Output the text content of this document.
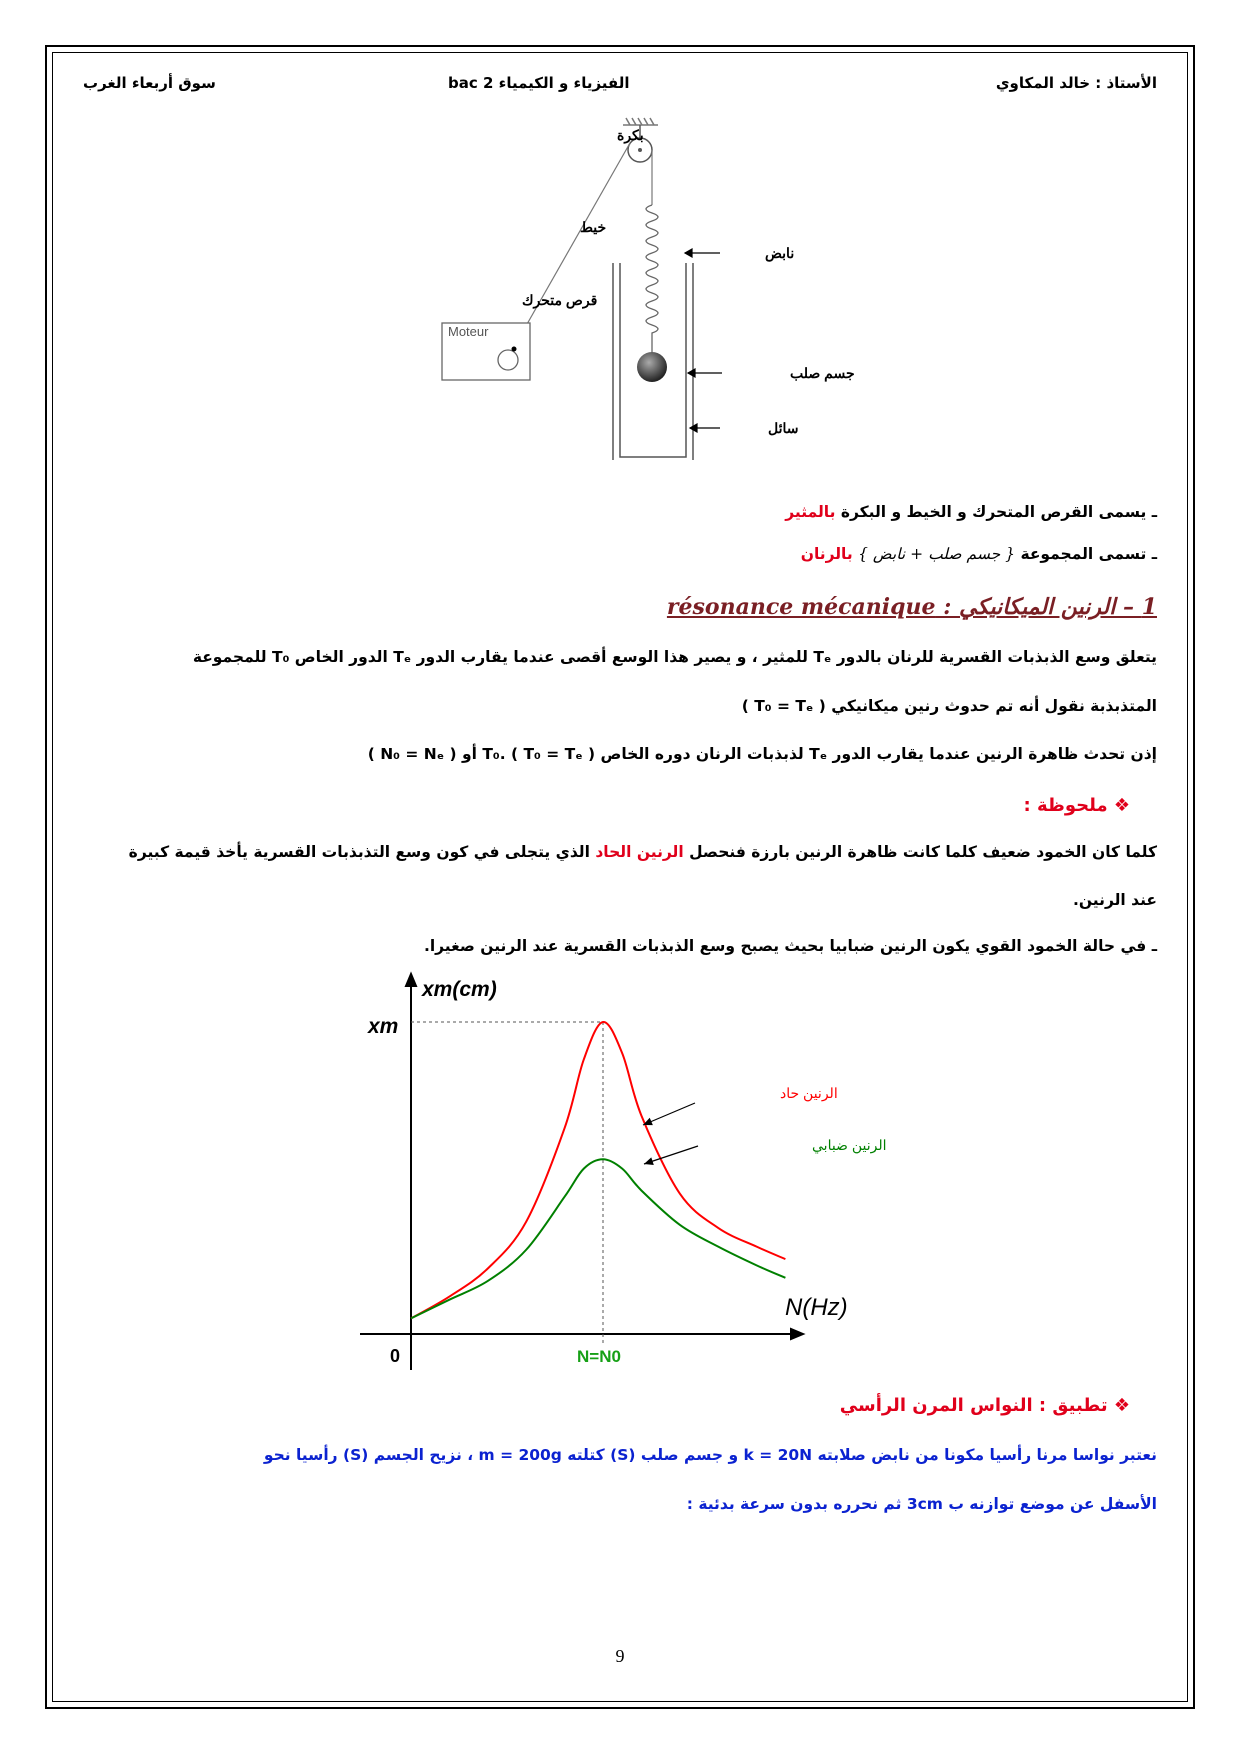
الأستاذ : خالد المكاوي
الفيزياء و الكيمياء 2 bac
سوق أربعاء الغرب
Moteur
بكرة
خيط
قرص متحرك
نابض
جسم صلب
سائل
ـ يسمى القرص المتحرك و الخيط و البكرة بالمثير
ـ تسمى المجموعة { جسم صلب + نابض } بالرنان
1 – الرنين الميكانيكي : résonance mécanique
يتعلق وسع الذبذبات القسرية للرنان بالدور Tₑ للمثير ، و يصير هذا الوسع أقصى عندما يقارب الدور Tₑ الدور الخاص T₀ للمجموعة
المتذبذبة نقول أنه تم حدوث رنين ميكانيكي ( T₀ = Tₑ )
إذن تحدث ظاهرة الرنين عندما يقارب الدور Tₑ لذبذبات الرنان دوره الخاص T₀. ( T₀ = Tₑ ) أو ( N₀ = Nₑ )
❖ ملحوظة :
كلما كان الخمود ضعيف كلما كانت ظاهرة الرنين بارزة فنحصل الرنين الحاد الذي يتجلى في كون وسع التذبذبات القسرية يأخذ قيمة كبيرة
عند الرنين.
ـ في حالة الخمود القوي يكون الرنين ضبابيا بحيث يصبح وسع الذبذبات القسرية عند الرنين صغيرا.
xm(cm)
N(Hz)
xm
0	N=N0
الرنين حاد
الرنين ضبابي
❖ تطبيق : النواس المرن الرأسي
نعتبر نواسا مرنا رأسيا مكونا من نابض صلابته k = 20N و جسم صلب (S) كتلته m = 200g ، نزيح الجسم (S) رأسيا نحو
الأسفل عن موضع توازنه ب 3cm ثم نحرره بدون سرعة بدئية :
9
